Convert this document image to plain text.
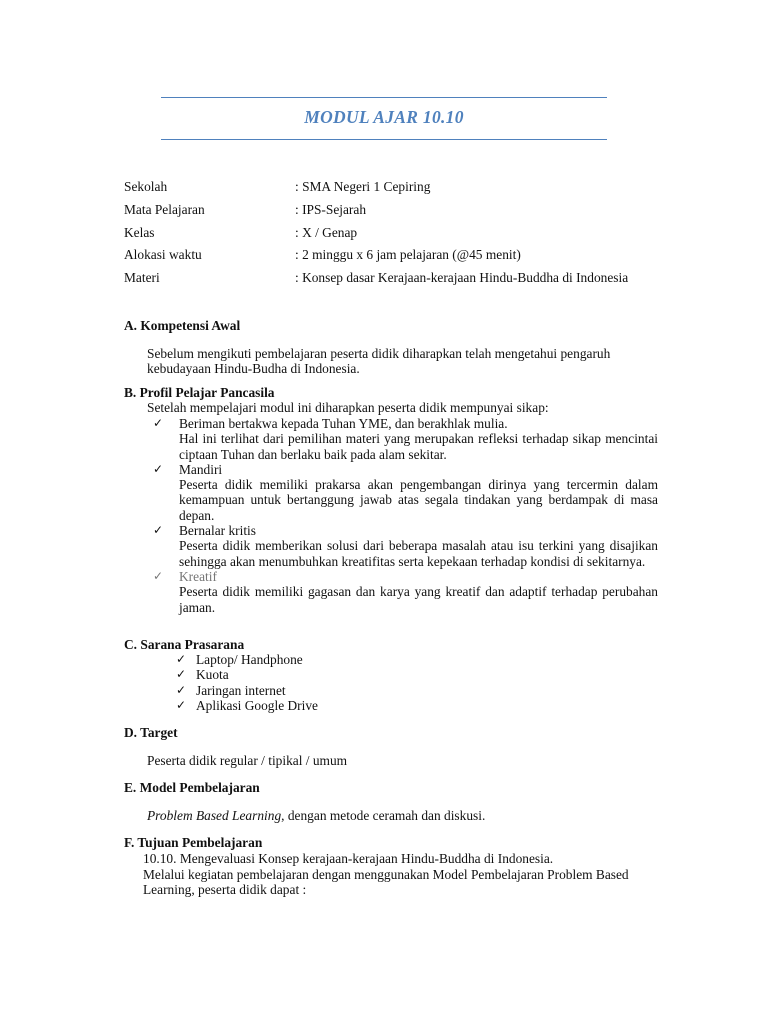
MODUL AJAR 10.10
Sekolah	: SMA Negeri 1 Cepiring
Mata Pelajaran	: IPS-Sejarah
Kelas	: X / Genap
Alokasi waktu	: 2 minggu x 6 jam pelajaran (@45 menit)
Materi	: Konsep dasar Kerajaan-kerajaan Hindu-Buddha di Indonesia
A. Kompetensi Awal
Sebelum mengikuti pembelajaran peserta didik diharapkan telah mengetahui pengaruh kebudayaan Hindu-Budha di Indonesia.
B. Profil Pelajar Pancasila
Setelah mempelajari modul ini diharapkan peserta didik mempunyai sikap:
✓ Beriman bertakwa kepada Tuhan YME, dan berakhlak mulia.
Hal ini terlihat dari pemilihan materi yang merupakan refleksi terhadap sikap mencintai ciptaan Tuhan dan berlaku baik pada alam sekitar.
✓ Mandiri
Peserta didik memiliki prakarsa akan pengembangan dirinya yang tercermin dalam kemampuan untuk bertanggung jawab atas segala tindakan yang berdampak di masa depan.
✓ Bernalar kritis
Peserta didik memberikan solusi dari beberapa masalah atau isu terkini yang disajikan sehingga akan menumbuhkan kreatifitas serta kepekaan terhadap kondisi di sekitarnya.
✓ Kreatif
Peserta didik memiliki gagasan dan karya yang kreatif dan adaptif terhadap perubahan jaman.
C. Sarana Prasarana
✓ Laptop/ Handphone
✓ Kuota
✓ Jaringan internet
✓ Aplikasi Google Drive
D. Target
Peserta didik regular / tipikal / umum
E. Model Pembelajaran
Problem Based Learning, dengan metode ceramah dan diskusi.
F. Tujuan Pembelajaran
10.10. Mengevaluasi Konsep kerajaan-kerajaan Hindu-Buddha di Indonesia.
Melalui kegiatan pembelajaran dengan menggunakan Model Pembelajaran Problem Based Learning, peserta didik dapat :
